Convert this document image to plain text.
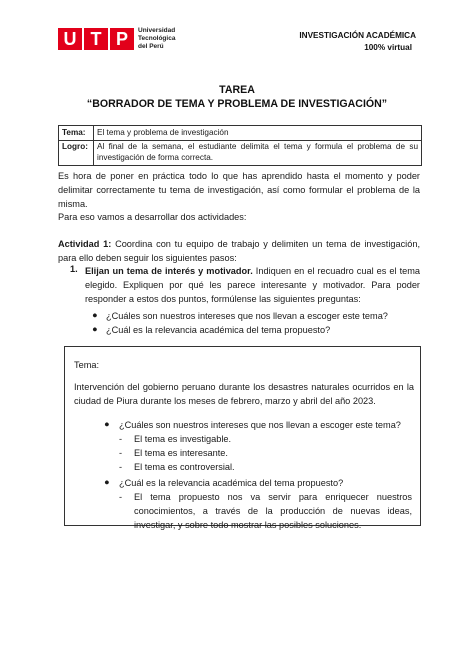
U T P	Universidad
Tecnológica
del Perú
INVESTIGACIÓN ACADÉMICA
100% virtual
TAREA
“BORRADOR DE TEMA Y PROBLEMA DE INVESTIGACIÓN”
Tema:	El tema y problema de investigación
Logro:	Al final de la semana, el estudiante delimita el tema y formula el problema de su investigación de forma correcta.
Es hora de poner en práctica todo lo que has aprendido hasta el momento y poder delimitar correctamente tu tema de investigación, así como formular el problema de la misma.
Para eso vamos a desarrollar dos actividades:
Actividad 1: Coordina con tu equipo de trabajo y delimiten un tema de investigación, para ello deben seguir los siguientes pasos:
1. Elijan un tema de interés y motivador. Indiquen en el recuadro cual es el tema elegido. Expliquen por qué les parece interesante y motivador. Para poder responder a estos dos puntos, formúlense las siguientes preguntas:
● ¿Cuáles son nuestros intereses que nos llevan a escoger este tema?
● ¿Cuál es la relevancia académica del tema propuesto?
Tema:
Intervención del gobierno peruano durante los desastres naturales ocurridos en la ciudad de Piura durante los meses de febrero, marzo y abril del año 2023.
● ¿Cuáles son nuestros intereses que nos llevan a escoger este tema?
- El tema es investigable.
- El tema es interesante.
- El tema es controversial.
● ¿Cuál es la relevancia académica del tema propuesto?
- El tema propuesto nos va servir para enriquecer nuestros conocimientos, a través de la producción de nuevas ideas, investigar, y sobre todo mostrar las posibles soluciones.
